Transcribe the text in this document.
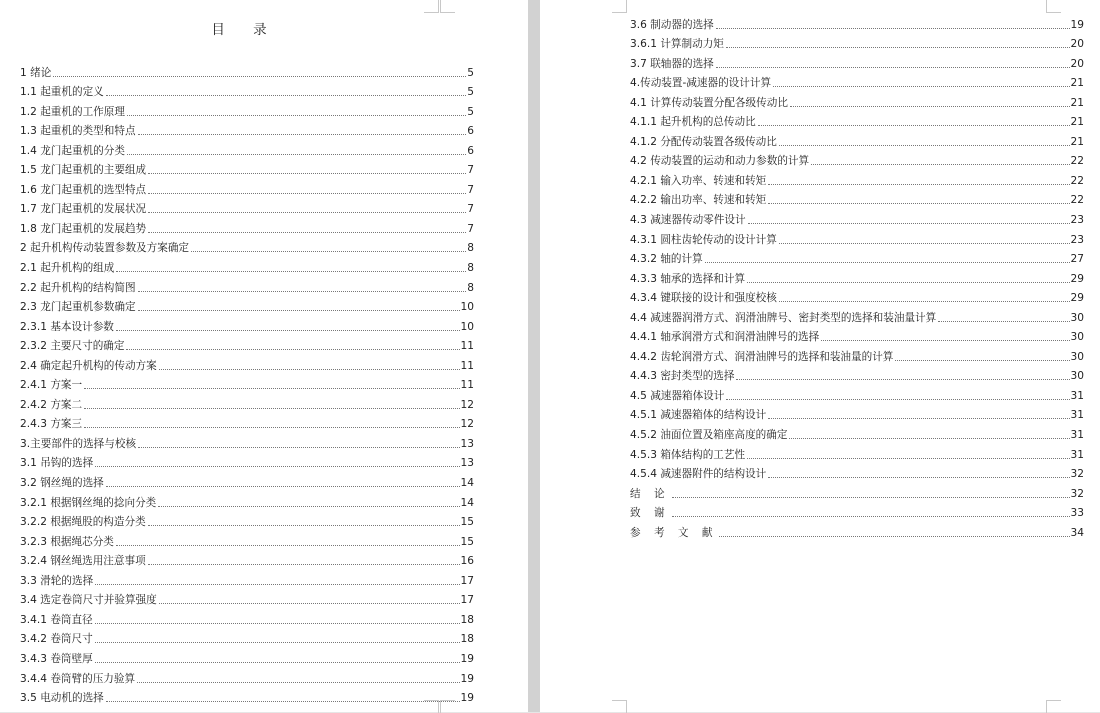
目 录
1 绪论	5
1.1 起重机的定义	5
1.2 起重机的工作原理	5
1.3 起重机的类型和特点	6
1.4 龙门起重机的分类	6
1.5 龙门起重机的主要组成	7
1.6 龙门起重机的选型特点	7
1.7 龙门起重机的发展状况	7
1.8 龙门起重机的发展趋势	7
2 起升机构传动装置参数及方案确定	8
2.1 起升机构的组成	8
2.2 起升机构的结构简图	8
2.3 龙门起重机参数确定	10
2.3.1 基本设计参数	10
2.3.2 主要尺寸的确定	11
2.4 确定起升机构的传动方案	11
2.4.1 方案一	11
2.4.2 方案二	12
2.4.3 方案三	12
3.主要部件的选择与校核	13
3.1 吊钩的选择	13
3.2 钢丝绳的选择	14
3.2.1 根据钢丝绳的捻向分类	14
3.2.2 根据绳股的构造分类	15
3.2.3 根据绳芯分类	15
3.2.4 钢丝绳选用注意事项	16
3.3 滑轮的选择	17
3.4 选定卷筒尺寸并验算强度	17
3.4.1 卷筒直径	18
3.4.2 卷筒尺寸	18
3.4.3 卷筒壁厚	19
3.4.4 卷筒臂的压力验算	19
3.5 电动机的选择	19
3.6 制动器的选择	19
3.6.1 计算制动力矩	20
3.7 联轴器的选择	20
4.传动装置-减速器的设计计算	21
4.1 计算传动装置分配各级传动比	21
4.1.1 起升机构的总传动比	21
4.1.2 分配传动装置各级传动比	21
4.2 传动装置的运动和动力参数的计算	22
4.2.1 输入功率、转速和转矩	22
4.2.2 输出功率、转速和转矩	22
4.3 减速器传动零件设计	23
4.3.1 圆柱齿轮传动的设计计算	23
4.3.2 轴的计算	27
4.3.3 轴承的选择和计算	29
4.3.4 键联接的设计和强度校核	29
4.4 减速器润滑方式、润滑油牌号、密封类型的选择和装油量计算	30
4.4.1 轴承润滑方式和润滑油牌号的选择	30
4.4.2 齿轮润滑方式、润滑油牌号的选择和装油量的计算	30
4.4.3 密封类型的选择	30
4.5 减速器箱体设计	31
4.5.1 减速器箱体的结构设计	31
4.5.2 油面位置及箱座高度的确定	31
4.5.3 箱体结构的工艺性	31
4.5.4 减速器附件的结构设计	32
结 论	32
致 谢	33
参 考 文 献	34
